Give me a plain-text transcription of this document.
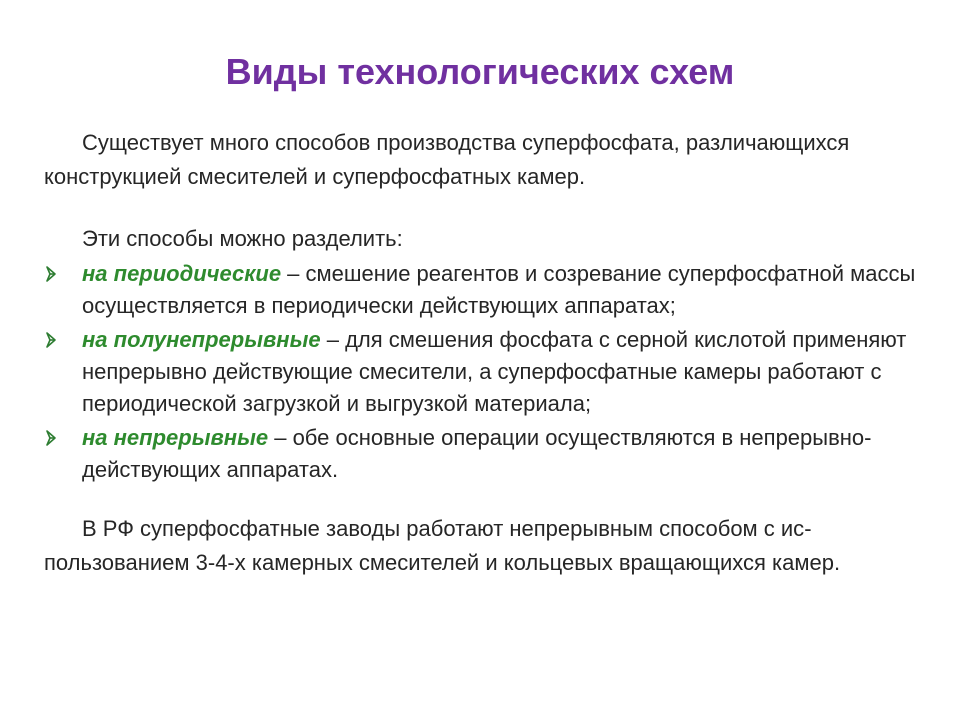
Виды технологических схем

Существует много способов производства суперфосфата, различающихся конструкцией смесителей и суперфосфатных камер.

Эти способы можно разделить:

на периодические – смешение реагентов и созревание суперфосфатной массы осуществляется в периодически действующих аппаратах;
на полунепрерывные – для смешения фосфата с серной кислотой применяют непрерывно действующие смесители, а суперфосфатные камеры работают с периодической загрузкой и выгрузкой материала;
на непрерывные – обе основные операции осуществляются в непрерывно-действующих аппаратах.

В РФ суперфосфатные заводы работают непрерывным способом с использованием 3-4-х камерных смесителей и кольцевых вращающихся камер.
